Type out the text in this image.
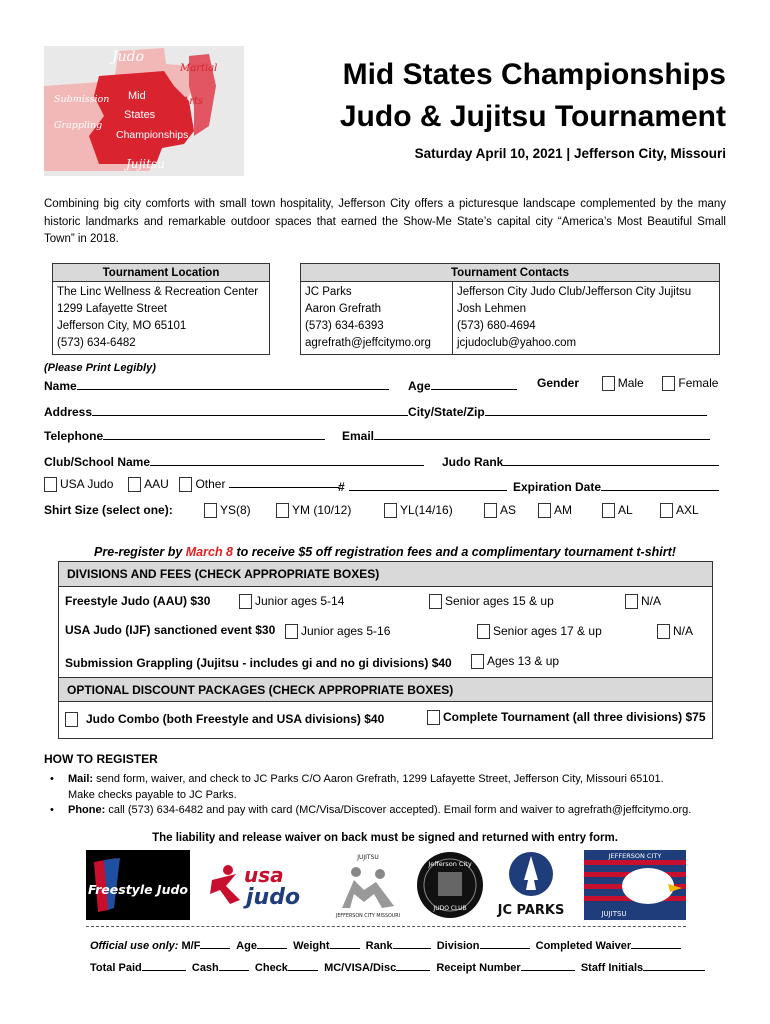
Judo
Martial
Submission Mid	Arts
States
Grappling
Championships
Jujitsu
Mid States Championships
Judo & Jujitsu Tournament
Saturday April 10, 2021 | Jefferson City, Missouri
Combining big city comforts with small town hospitality, Jefferson City offers a picturesque landscape complemented by the many historic landmarks and remarkable outdoor spaces that earned the Show-Me State’s capital city “America’s Most Beautiful Small Town” in 2018.
Tournament Location

The Linc Wellness & Recreation Center
1299 Lafayette Street
Jefferson City, MO 65101
(573) 634-6482
Tournament Contacts

JC Parks
Aaron Grefrath
(573) 634-6393
agrefrath@jeffcitymo.org

Jefferson City Judo Club/Jefferson City Jujitsu
Josh Lehmen
(573) 680-4694
jcjudoclub@yahoo.com
(Please Print Legibly)
Name	Age	Gender	Male	Female
Address	City/State/Zip
Telephone	Email
Club/School Name	Judo Rank
USA Judo	AAU Other	#	Expiration Date
Shirt Size (select one):	YS(8)	YM (10/12)	YL(14/16)	AS	AM	AL	AXL
Pre-register by March 8 to receive $5 off registration fees and a complimentary tournament t-shirt!
DIVISIONS AND FEES (CHECK APPROPRIATE BOXES)
Freestyle Judo (AAU) $30	Junior ages 5-14	Senior ages 15 & up	N/A
USA Judo (IJF) sanctioned event $30	Junior ages 5-16	Senior ages 17 & up	N/A
Submission Grappling (Jujitsu - includes gi and no gi divisions) $40	Ages 13 & up
OPTIONAL DISCOUNT PACKAGES (CHECK APPROPRIATE BOXES)
Judo Combo (both Freestyle and USA divisions) $40	Complete Tournament (all three divisions) $75
HOW TO REGISTER
• Mail: send form, waiver, and check to JC Parks C/O Aaron Grefrath, 1299 Lafayette Street, Jefferson City, Missouri 65101.
Make checks payable to JC Parks.
• Phone: call (573) 634-6482 and pay with card (MC/Visa/Discover accepted). Email form and waiver to agrefrath@jeffcitymo.org.
The liability and release waiver on back must be signed and returned with entry form.
Freestyle Judo
usa
judo
JUJITSU
JEFFERSON CITY MISSOURI
Jefferson City
JUDO CLUB JC PARKS
JEFFERSON CITY
JUJITSU
Official use only: M/F	Age	Weight	Rank	Division	Completed Waiver
Total Paid	Cash	Check	MC/VISA/Disc	Receipt Number	Staff Initials
